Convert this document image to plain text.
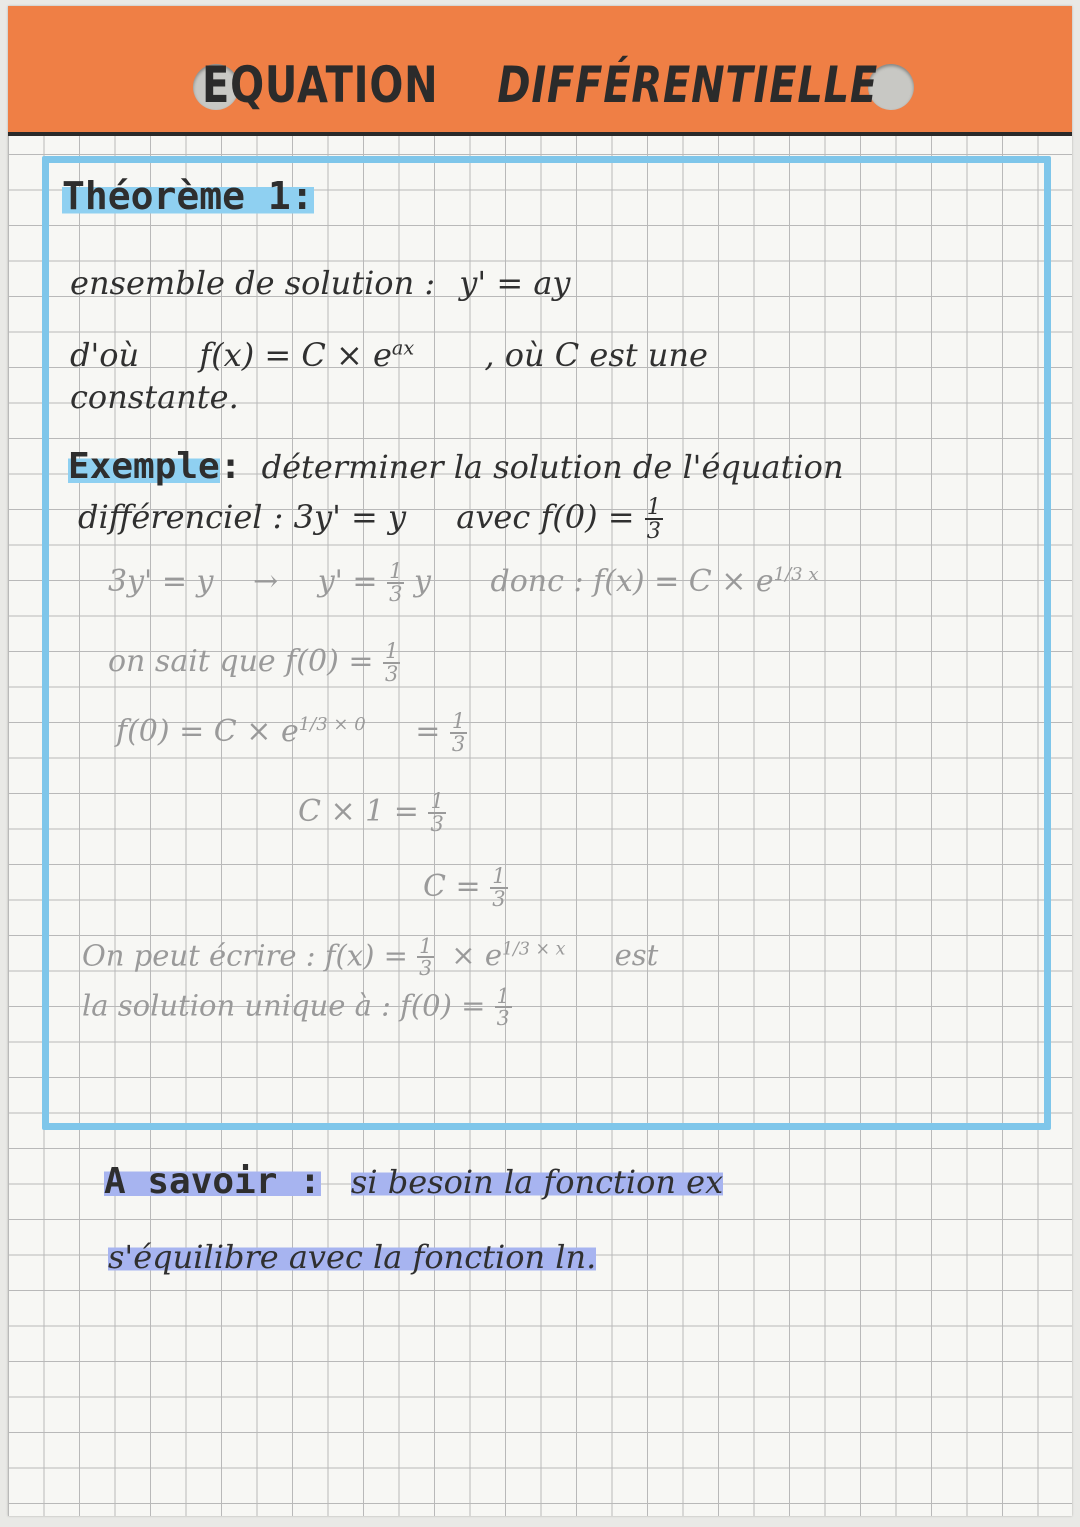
EQUATION DIFFÉRENTIELLE
Théorème 1:
ensemble de solution : y' = ay
d'où $f(x) = C \times e^{ax}$ , où C est une
constante.
Exemple: déterminer la solution de l'équation
différenciel : 3y' = y avec $f(0) = \frac{1}{3}$
$3y' = y \to y' = \frac{1}{3}$ y donc : $f(x) = C \times e^{1/3 x}$
on sait que $f(0) = \frac{1}{3}$
$f(0) = C \times e^{1/3 \times 0} = \frac{1}{3}$
$C \times 1 = \frac{1}{3}$
$C = \frac{1}{3}$
On peut écrire : $f(x) = \frac{1}{3} \times e^{1/3 \times x}$ est
la solution unique à : $f(0) = \frac{1}{3}$
A savoir : si besoin la fonction ex
s'équilibre avec la fonction ln.
